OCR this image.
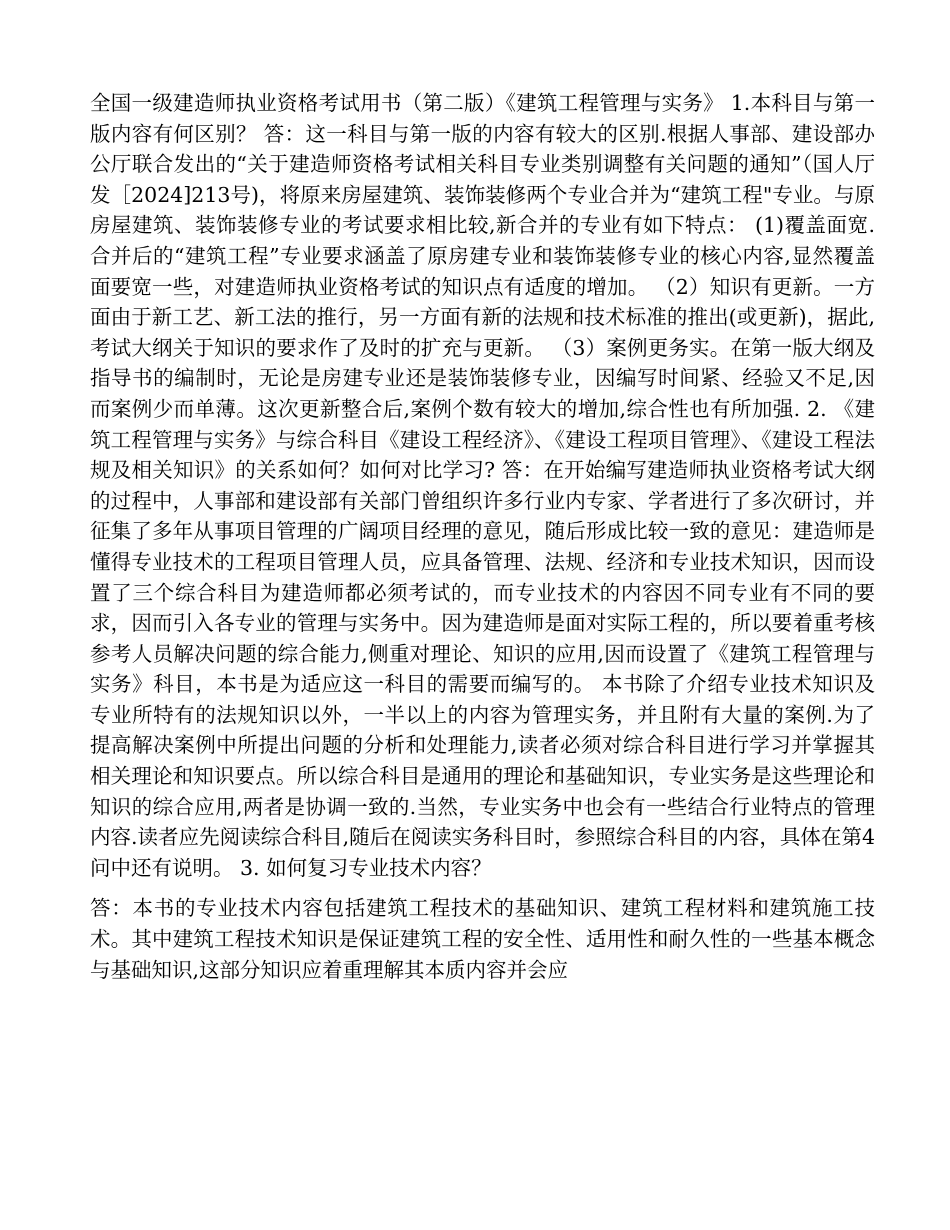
全国一级建造师执业资格考试用书（第二版）《建筑工程管理与实务》 1.本科目与第一版内容有何区别？ 答：这一科目与第一版的内容有较大的区别.根据人事部、建设部办公厅联合发出的“关于建造师资格考试相关科目专业类别调整有关问题的通知”（国人厅发［2024]213号)，将原来房屋建筑、装饰装修两个专业合并为“建筑工程"专业。与原房屋建筑、装饰装修专业的考试要求相比较,新合并的专业有如下特点： (1)覆盖面宽.合并后的“建筑工程”专业要求涵盖了原房建专业和装饰装修专业的核心内容,显然覆盖面要宽一些，对建造师执业资格考试的知识点有适度的增加。 （2）知识有更新。一方面由于新工艺、新工法的推行，另一方面有新的法规和技术标准的推出(或更新)，据此,考试大纲关于知识的要求作了及时的扩充与更新。 （3）案例更务实。在第一版大纲及指导书的编制时，无论是房建专业还是装饰装修专业，因编写时间紧、经验又不足,因而案例少而单薄。这次更新整合后,案例个数有较大的增加,综合性也有所加强. 2. 《建筑工程管理与实务》与综合科目《建设工程经济》、《建设工程项目管理》、《建设工程法规及相关知识》的关系如何？如何对比学习? 答：在开始编写建造师执业资格考试大纲的过程中，人事部和建设部有关部门曾组织许多行业内专家、学者进行了多次研讨，并征集了多年从事项目管理的广阔项目经理的意见，随后形成比较一致的意见：建造师是懂得专业技术的工程项目管理人员，应具备管理、法规、经济和专业技术知识，因而设置了三个综合科目为建造师都必须考试的，而专业技术的内容因不同专业有不同的要求，因而引入各专业的管理与实务中。因为建造师是面对实际工程的，所以要着重考核参考人员解决问题的综合能力,侧重对理论、知识的应用,因而设置了《建筑工程管理与实务》科目，本书是为适应这一科目的需要而编写的。 本书除了介绍专业技术知识及专业所特有的法规知识以外，一半以上的内容为管理实务，并且附有大量的案例.为了提高解决案例中所提出问题的分析和处理能力,读者必须对综合科目进行学习并掌握其相关理论和知识要点。所以综合科目是通用的理论和基础知识，专业实务是这些理论和知识的综合应用,两者是协调一致的.当然，专业实务中也会有一些结合行业特点的管理内容.读者应先阅读综合科目,随后在阅读实务科目时，参照综合科目的内容，具体在第4问中还有说明。 3. 如何复习专业技术内容？

答：本书的专业技术内容包括建筑工程技术的基础知识、建筑工程材料和建筑施工技术。其中建筑工程技术知识是保证建筑工程的安全性、适用性和耐久性的一些基本概念与基础知识,这部分知识应着重理解其本质内容并会应
